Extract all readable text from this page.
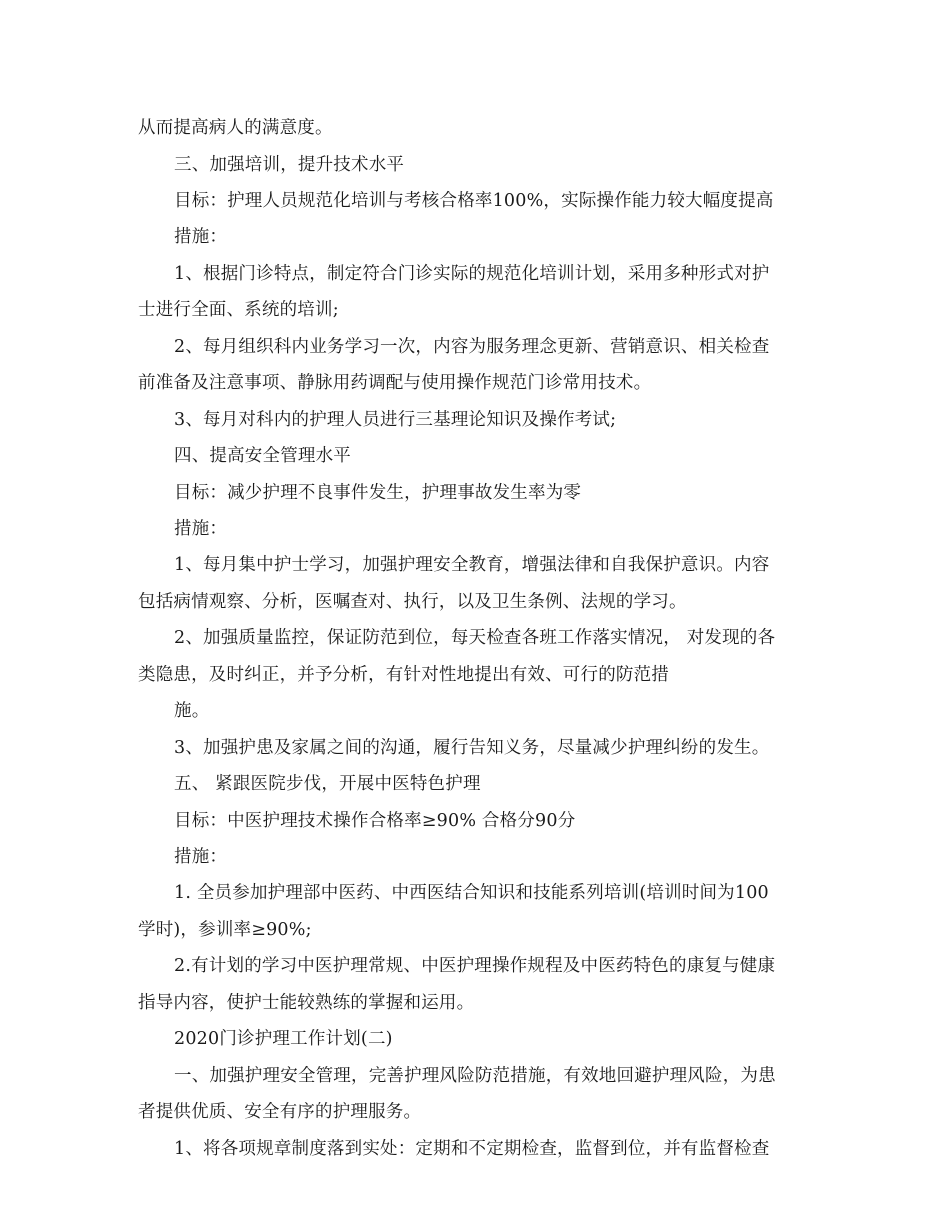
从而提高病人的满意度。
三、加强培训，提升技术水平
目标：护理人员规范化培训与考核合格率100%，实际操作能力较大幅度提高
措施：
1、根据门诊特点，制定符合门诊实际的规范化培训计划，采用多种形式对护
士进行全面、系统的培训;
2、每月组织科内业务学习一次，内容为服务理念更新、营销意识、相关检查
前准备及注意事项、静脉用药调配与使用操作规范门诊常用技术。
3、每月对科内的护理人员进行三基理论知识及操作考试;
四、提高安全管理水平
目标：减少护理不良事件发生，护理事故发生率为零
措施：
1、每月集中护士学习，加强护理安全教育，增强法律和自我保护意识。内容
包括病情观察、分析，医嘱查对、执行，以及卫生条例、法规的学习。
2、加强质量监控，保证防范到位，每天检查各班工作落实情况， 对发现的各
类隐患，及时纠正，并予分析，有针对性地提出有效、可行的防范措
施。
3、加强护患及家属之间的沟通，履行告知义务，尽量减少护理纠纷的发生。
五、 紧跟医院步伐，开展中医特色护理
目标：中医护理技术操作合格率≥90% 合格分90分
措施：
1. 全员参加护理部中医药、中西医结合知识和技能系列培训(培训时间为100
学时)，参训率≥90%;
2.有计划的学习中医护理常规、中医护理操作规程及中医药特色的康复与健康
指导内容，使护士能较熟练的掌握和运用。
2020门诊护理工作计划(二)
一、加强护理安全管理，完善护理风险防范措施，有效地回避护理风险，为患
者提供优质、安全有序的护理服务。
1、将各项规章制度落到实处：定期和不定期检查，监督到位，并有监督检查
